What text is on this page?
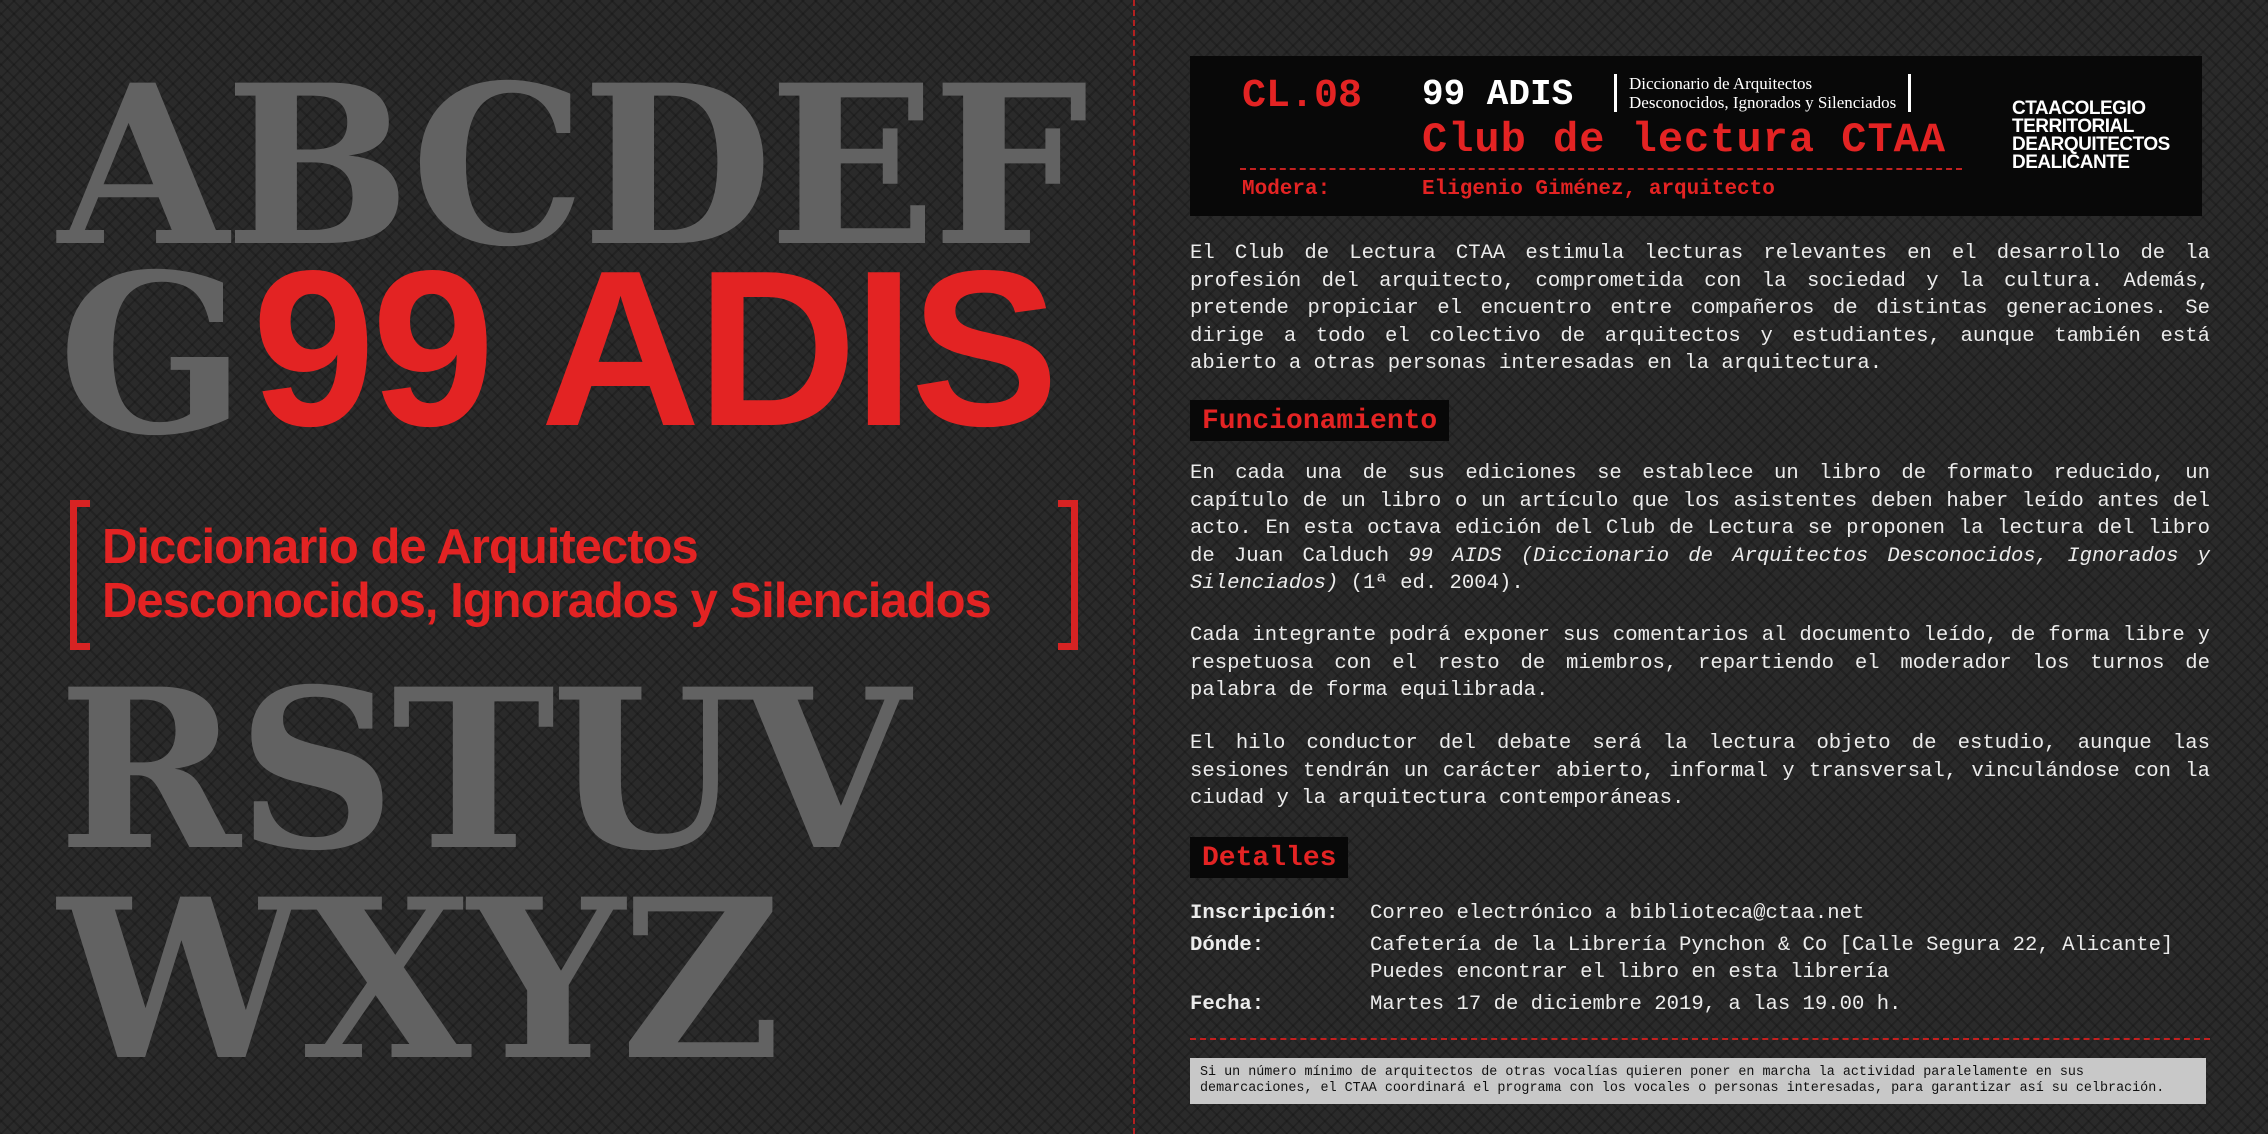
ABCDEF
G 99 ADIS
Diccionario de Arquitectos
Desconocidos, Ignorados y Silenciados
RSTUV
WXYZ
CL.08 99 ADIS	Diccionario de Arquitectos
Desconocidos, Ignorados y Silenciados
Club de lectura CTAA
Modera:	Eligenio Giménez, arquitecto
CTAACOLEGIO
TERRITORIAL
DEARQUITECTOS
DEALICANTE
El Club de Lectura CTAA estimula lecturas relevantes en el desarrollo de la profesión del arquitecto, comprometida con la sociedad y la cultura. Además, pretende propiciar el encuentro entre compañeros de distintas generaciones. Se dirige a todo el colectivo de arquitectos y estudiantes, aunque también está abierto a otras personas interesadas en la arquitectura.
Funcionamiento
En cada una de sus ediciones se establece un libro de formato reducido, un capítulo de un libro o un artículo que los asistentes deben haber leído antes del acto. En esta octava edición del Club de Lectura se proponen la lectura del libro de Juan Calduch 99 AIDS (Diccionario de Arquitectos Desconocidos, Ignorados y Silenciados) (1ª ed. 2004).
Cada integrante podrá exponer sus comentarios al documento leído, de forma libre y respetuosa con el resto de miembros, repartiendo el moderador los turnos de palabra de forma equilibrada.
El hilo conductor del debate será la lectura objeto de estudio, aunque las sesiones tendrán un carácter abierto, informal y transversal, vinculándose con la ciudad y la arquitectura contemporáneas.
Detalles
Inscripción:	Correo electrónico a biblioteca@ctaa.net
Dónde:	Cafetería de la Librería Pynchon & Co [Calle Segura 22, Alicante]
Puedes encontrar el libro en esta librería
Fecha:	Martes 17 de diciembre 2019, a las 19.00 h.
Si un número mínimo de arquitectos de otras vocalías quieren poner en marcha la actividad paralelamente en sus demarcaciones, el CTAA coordinará el programa con los vocales o personas interesadas, para garantizar así su celbración.
